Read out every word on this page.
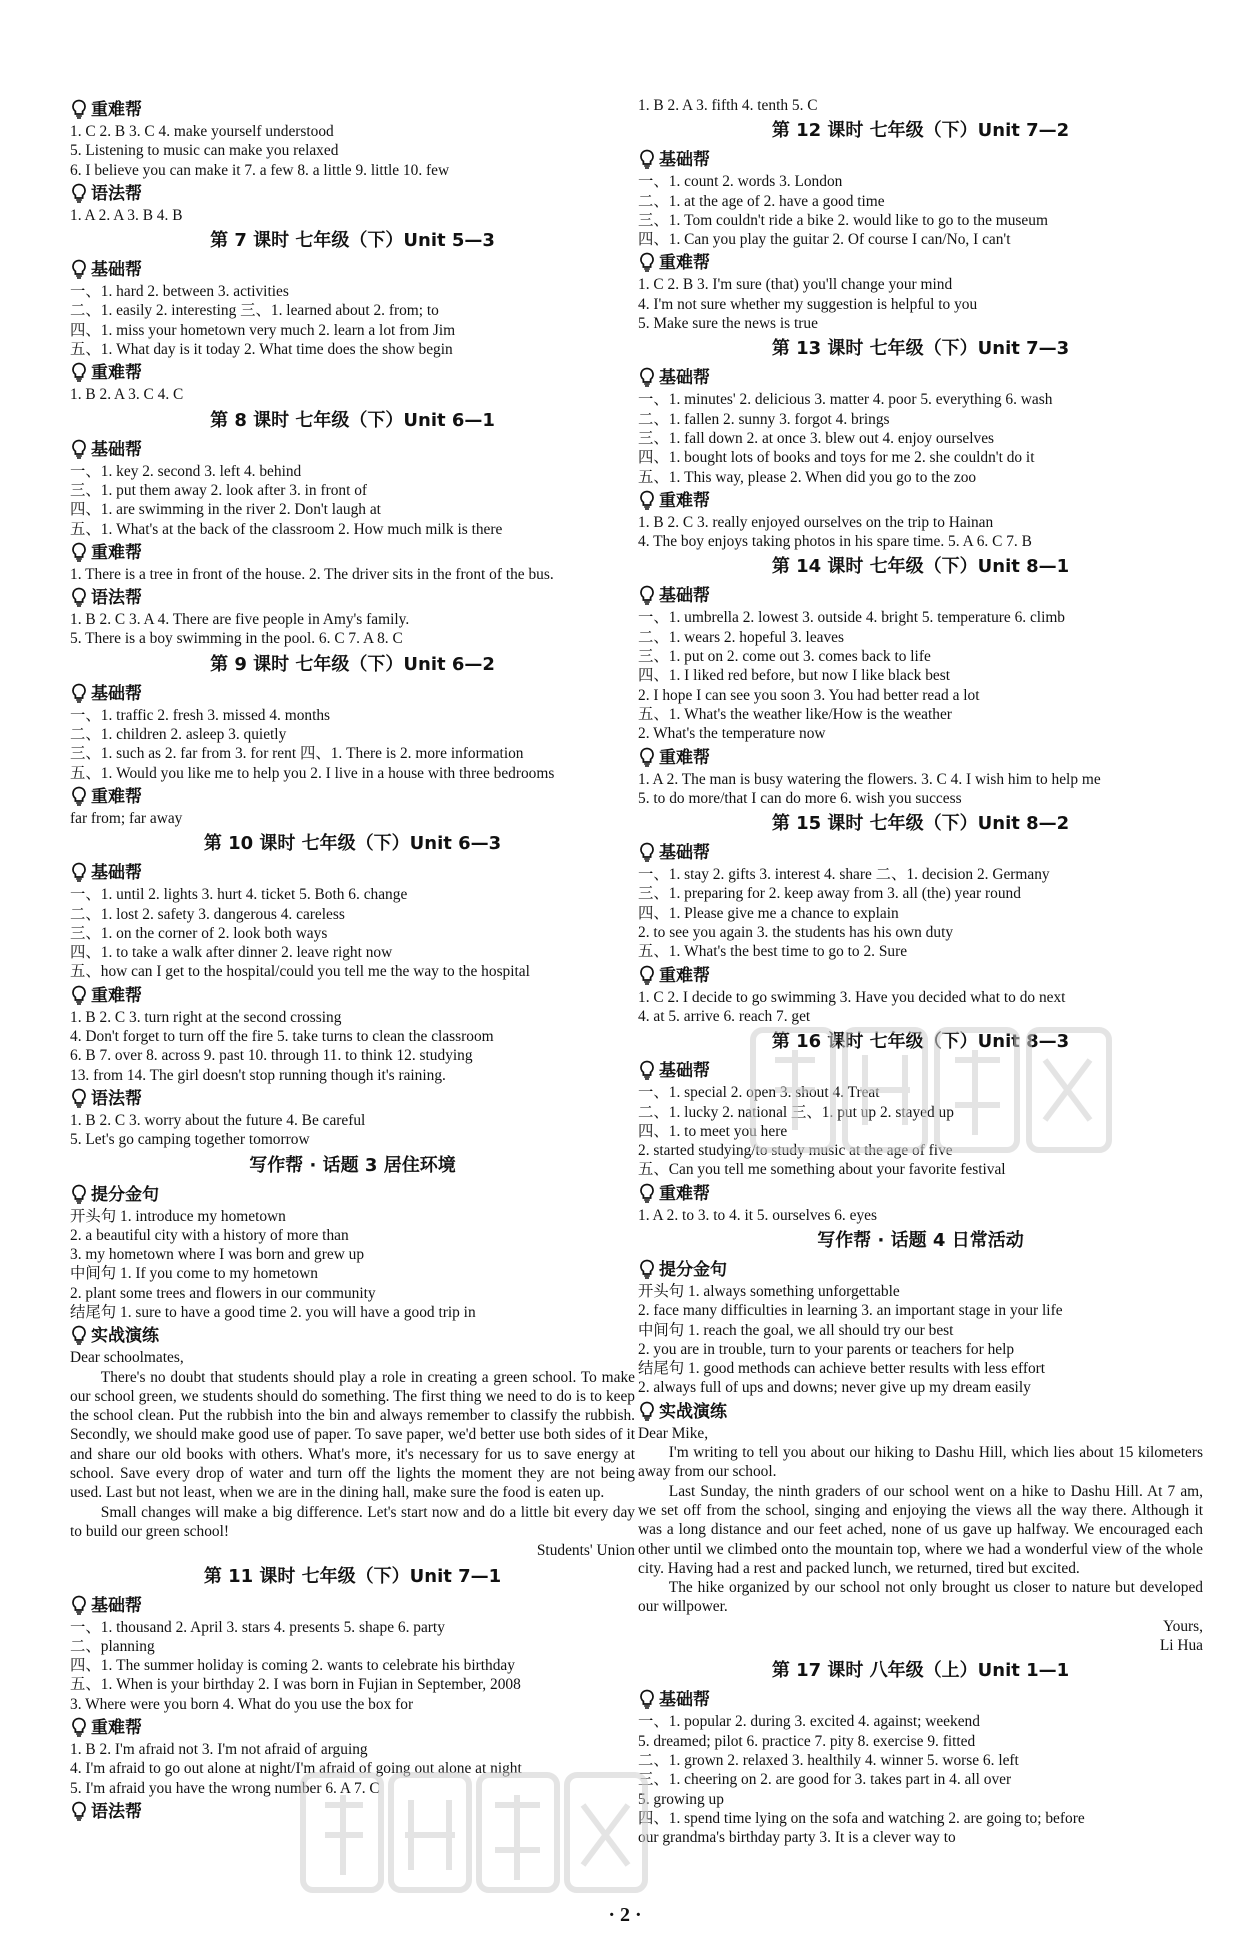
重难帮
1. C 2. B 3. C 4. make yourself understood
5. Listening to music can make you relaxed
6. I believe you can make it 7. a few 8. a little 9. little 10. few
语法帮
1. A 2. A 3. B 4. B
第 7 课时 七年级（下）Unit 5—3
基础帮
一、1. hard 2. between 3. activities
二、1. easily 2. interesting 三、1. learned about 2. from; to
四、1. miss your hometown very much 2. learn a lot from Jim
五、1. What day is it today 2. What time does the show begin
重难帮
1. B 2. A 3. C 4. C
第 8 课时 七年级（下）Unit 6—1
基础帮
一、1. key 2. second 3. left 4. behind
三、1. put them away 2. look after 3. in front of
四、1. are swimming in the river 2. Don't laugh at
五、1. What's at the back of the classroom 2. How much milk is there
重难帮
1. There is a tree in front of the house. 2. The driver sits in the front of the bus.
语法帮
1. B 2. C 3. A 4. There are five people in Amy's family.
5. There is a boy swimming in the pool. 6. C 7. A 8. C
第 9 课时 七年级（下）Unit 6—2
基础帮
一、1. traffic 2. fresh 3. missed 4. months
二、1. children 2. asleep 3. quietly
三、1. such as 2. far from 3. for rent 四、1. There is 2. more information
五、1. Would you like me to help you 2. I live in a house with three bedrooms
重难帮
far from; far away
第 10 课时 七年级（下）Unit 6—3
基础帮
一、1. until 2. lights 3. hurt 4. ticket 5. Both 6. change
二、1. lost 2. safety 3. dangerous 4. careless
三、1. on the corner of 2. look both ways
四、1. to take a walk after dinner 2. leave right now
五、how can I get to the hospital/could you tell me the way to the hospital
重难帮
1. B 2. C 3. turn right at the second crossing
4. Don't forget to turn off the fire 5. take turns to clean the classroom
6. B 7. over 8. across 9. past 10. through 11. to think 12. studying
13. from 14. The girl doesn't stop running though it's raining.
语法帮
1. B 2. C 3. worry about the future 4. Be careful
5. Let's go camping together tomorrow
写作帮 · 话题 3 居住环境
提分金句
开头句 1. introduce my hometown
2. a beautiful city with a history of more than
3. my hometown where I was born and grew up
中间句 1. If you come to my hometown
2. plant some trees and flowers in our community
结尾句 1. sure to have a good time 2. you will have a good trip in
实战演练
Dear schoolmates,
There's no doubt that students should play a role in creating a green school. To make our school green, we students should do something. The first thing we need to do is to keep the school clean. Put the rubbish into the bin and always remember to classify the rubbish. Secondly, we should make good use of paper. To save paper, we'd better use both sides of it and share our old books with others. What's more, it's necessary for us to save energy at school. Save every drop of water and turn off the lights the moment they are not being used. Last but not least, when we are in the dining hall, make sure the food is eaten up.
Small changes will make a big difference. Let's start now and do a little bit every day to build our green school!
Students' Union
第 11 课时 七年级（下）Unit 7—1
基础帮
一、1. thousand 2. April 3. stars 4. presents 5. shape 6. party
二、planning
四、1. The summer holiday is coming 2. wants to celebrate his birthday
五、1. When is your birthday 2. I was born in Fujian in September, 2008
3. Where were you born 4. What do you use the box for
重难帮
1. B 2. I'm afraid not 3. I'm not afraid of arguing
4. I'm afraid to go out alone at night/I'm afraid of going out alone at night
5. I'm afraid you have the wrong number 6. A 7. C
语法帮
1. B 2. A 3. fifth 4. tenth 5. C
第 12 课时 七年级（下）Unit 7—2
基础帮
一、1. count 2. words 3. London
二、1. at the age of 2. have a good time
三、1. Tom couldn't ride a bike 2. would like to go to the museum
四、1. Can you play the guitar 2. Of course I can/No, I can't
重难帮
1. C 2. B 3. I'm sure (that) you'll change your mind
4. I'm not sure whether my suggestion is helpful to you
5. Make sure the news is true
第 13 课时 七年级（下）Unit 7—3
基础帮
一、1. minutes' 2. delicious 3. matter 4. poor 5. everything 6. wash
二、1. fallen 2. sunny 3. forgot 4. brings
三、1. fall down 2. at once 3. blew out 4. enjoy ourselves
四、1. bought lots of books and toys for me 2. she couldn't do it
五、1. This way, please 2. When did you go to the zoo
重难帮
1. B 2. C 3. really enjoyed ourselves on the trip to Hainan
4. The boy enjoys taking photos in his spare time. 5. A 6. C 7. B
第 14 课时 七年级（下）Unit 8—1
基础帮
一、1. umbrella 2. lowest 3. outside 4. bright 5. temperature 6. climb
二、1. wears 2. hopeful 3. leaves
三、1. put on 2. come out 3. comes back to life
四、1. I liked red before, but now I like black best
2. I hope I can see you soon 3. You had better read a lot
五、1. What's the weather like/How is the weather
2. What's the temperature now
重难帮
1. A 2. The man is busy watering the flowers. 3. C 4. I wish him to help me
5. to do more/that I can do more 6. wish you success
第 15 课时 七年级（下）Unit 8—2
基础帮
一、1. stay 2. gifts 3. interest 4. share 二、1. decision 2. Germany
三、1. preparing for 2. keep away from 3. all (the) year round
四、1. Please give me a chance to explain
2. to see you again 3. the students has his own duty
五、1. What's the best time to go to 2. Sure
重难帮
1. C 2. I decide to go swimming 3. Have you decided what to do next
4. at 5. arrive 6. reach 7. get
第 16 课时 七年级（下）Unit 8—3
基础帮
一、1. special 2. open 3. shout 4. Treat
二、1. lucky 2. national 三、1. put up 2. stayed up
四、1. to meet you here
2. started studying/to study music at the age of five
五、Can you tell me something about your favorite festival
重难帮
1. A 2. to 3. to 4. it 5. ourselves 6. eyes
写作帮 · 话题 4 日常活动
提分金句
开头句 1. always something unforgettable
2. face many difficulties in learning 3. an important stage in your life
中间句 1. reach the goal, we all should try our best
2. you are in trouble, turn to your parents or teachers for help
结尾句 1. good methods can achieve better results with less effort
2. always full of ups and downs; never give up my dream easily
实战演练
Dear Mike,
I'm writing to tell you about our hiking to Dashu Hill, which lies about 15 kilometers away from our school.
Last Sunday, the ninth graders of our school went on a hike to Dashu Hill. At 7 am, we set off from the school, singing and enjoying the views all the way there. Although it was a long distance and our feet ached, none of us gave up halfway. We encouraged each other until we climbed onto the mountain top, where we had a wonderful view of the whole city. Having had a rest and packed lunch, we returned, tired but excited.
The hike organized by our school not only brought us closer to nature but developed our willpower.
Yours,
Li Hua
第 17 课时 八年级（上）Unit 1—1
基础帮
一、1. popular 2. during 3. excited 4. against; weekend
5. dreamed; pilot 6. practice 7. pity 8. exercise 9. fitted
二、1. grown 2. relaxed 3. healthily 4. winner 5. worse 6. left
三、1. cheering on 2. are good for 3. takes part in 4. all over
5. growing up
四、1. spend time lying on the sofa and watching 2. are going to; before
our grandma's birthday party 3. It is a clever way to
· 2 ·
